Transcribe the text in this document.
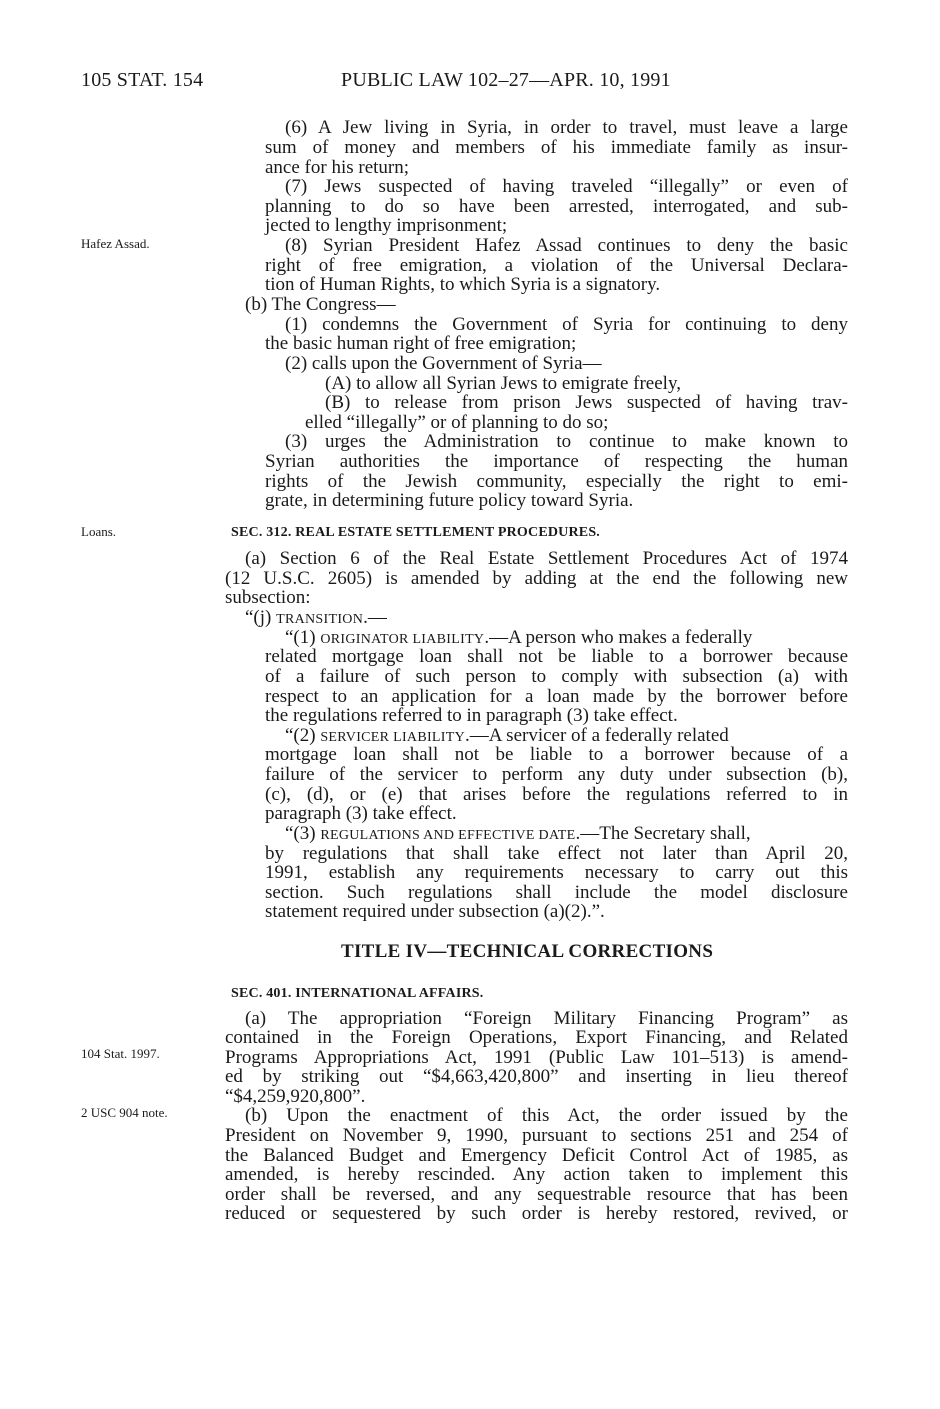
105 STAT. 154	PUBLIC LAW 102–27—APR. 10, 1991
Hafez Assad.
Loans.
104 Stat. 1997.
2 USC 904 note.
(6) A Jew living in Syria, in order to travel, must leave a large
sum of money and members of his immediate family as insur-
ance for his return;
(7) Jews suspected of having traveled “illegally” or even of
planning to do so have been arrested, interrogated, and sub-
jected to lengthy imprisonment;
(8) Syrian President Hafez Assad continues to deny the basic
right of free emigration, a violation of the Universal Declara-
tion of Human Rights, to which Syria is a signatory.
(b) The Congress—
(1) condemns the Government of Syria for continuing to deny
the basic human right of free emigration;
(2) calls upon the Government of Syria—
(A) to allow all Syrian Jews to emigrate freely,
(B) to release from prison Jews suspected of having trav-
elled “illegally” or of planning to do so;
(3) urges the Administration to continue to make known to
Syrian authorities the importance of respecting the human
rights of the Jewish community, especially the right to emi-
grate, in determining future policy toward Syria.
SEC. 312. REAL ESTATE SETTLEMENT PROCEDURES.
(a) Section 6 of the Real Estate Settlement Procedures Act of 1974
(12 U.S.C. 2605) is amended by adding at the end the following new
subsection:
“(j) TRANSITION.—
“(1) ORIGINATOR LIABILITY.—A person who makes a federally
related mortgage loan shall not be liable to a borrower because
of a failure of such person to comply with subsection (a) with
respect to an application for a loan made by the borrower before
the regulations referred to in paragraph (3) take effect.
“(2) SERVICER LIABILITY.—A servicer of a federally related
mortgage loan shall not be liable to a borrower because of a
failure of the servicer to perform any duty under subsection (b),
(c), (d), or (e) that arises before the regulations referred to in
paragraph (3) take effect.
“(3) REGULATIONS AND EFFECTIVE DATE.—The Secretary shall,
by regulations that shall take effect not later than April 20,
1991, establish any requirements necessary to carry out this
section. Such regulations shall include the model disclosure
statement required under subsection (a)(2).”.
TITLE IV—TECHNICAL CORRECTIONS
SEC. 401. INTERNATIONAL AFFAIRS.
(a) The appropriation “Foreign Military Financing Program” as
contained in the Foreign Operations, Export Financing, and Related
Programs Appropriations Act, 1991 (Public Law 101–513) is amend-
ed by striking out “$4,663,420,800” and inserting in lieu thereof
“$4,259,920,800”.
(b) Upon the enactment of this Act, the order issued by the
President on November 9, 1990, pursuant to sections 251 and 254 of
the Balanced Budget and Emergency Deficit Control Act of 1985, as
amended, is hereby rescinded. Any action taken to implement this
order shall be reversed, and any sequestrable resource that has been
reduced or sequestered by such order is hereby restored, revived, or
